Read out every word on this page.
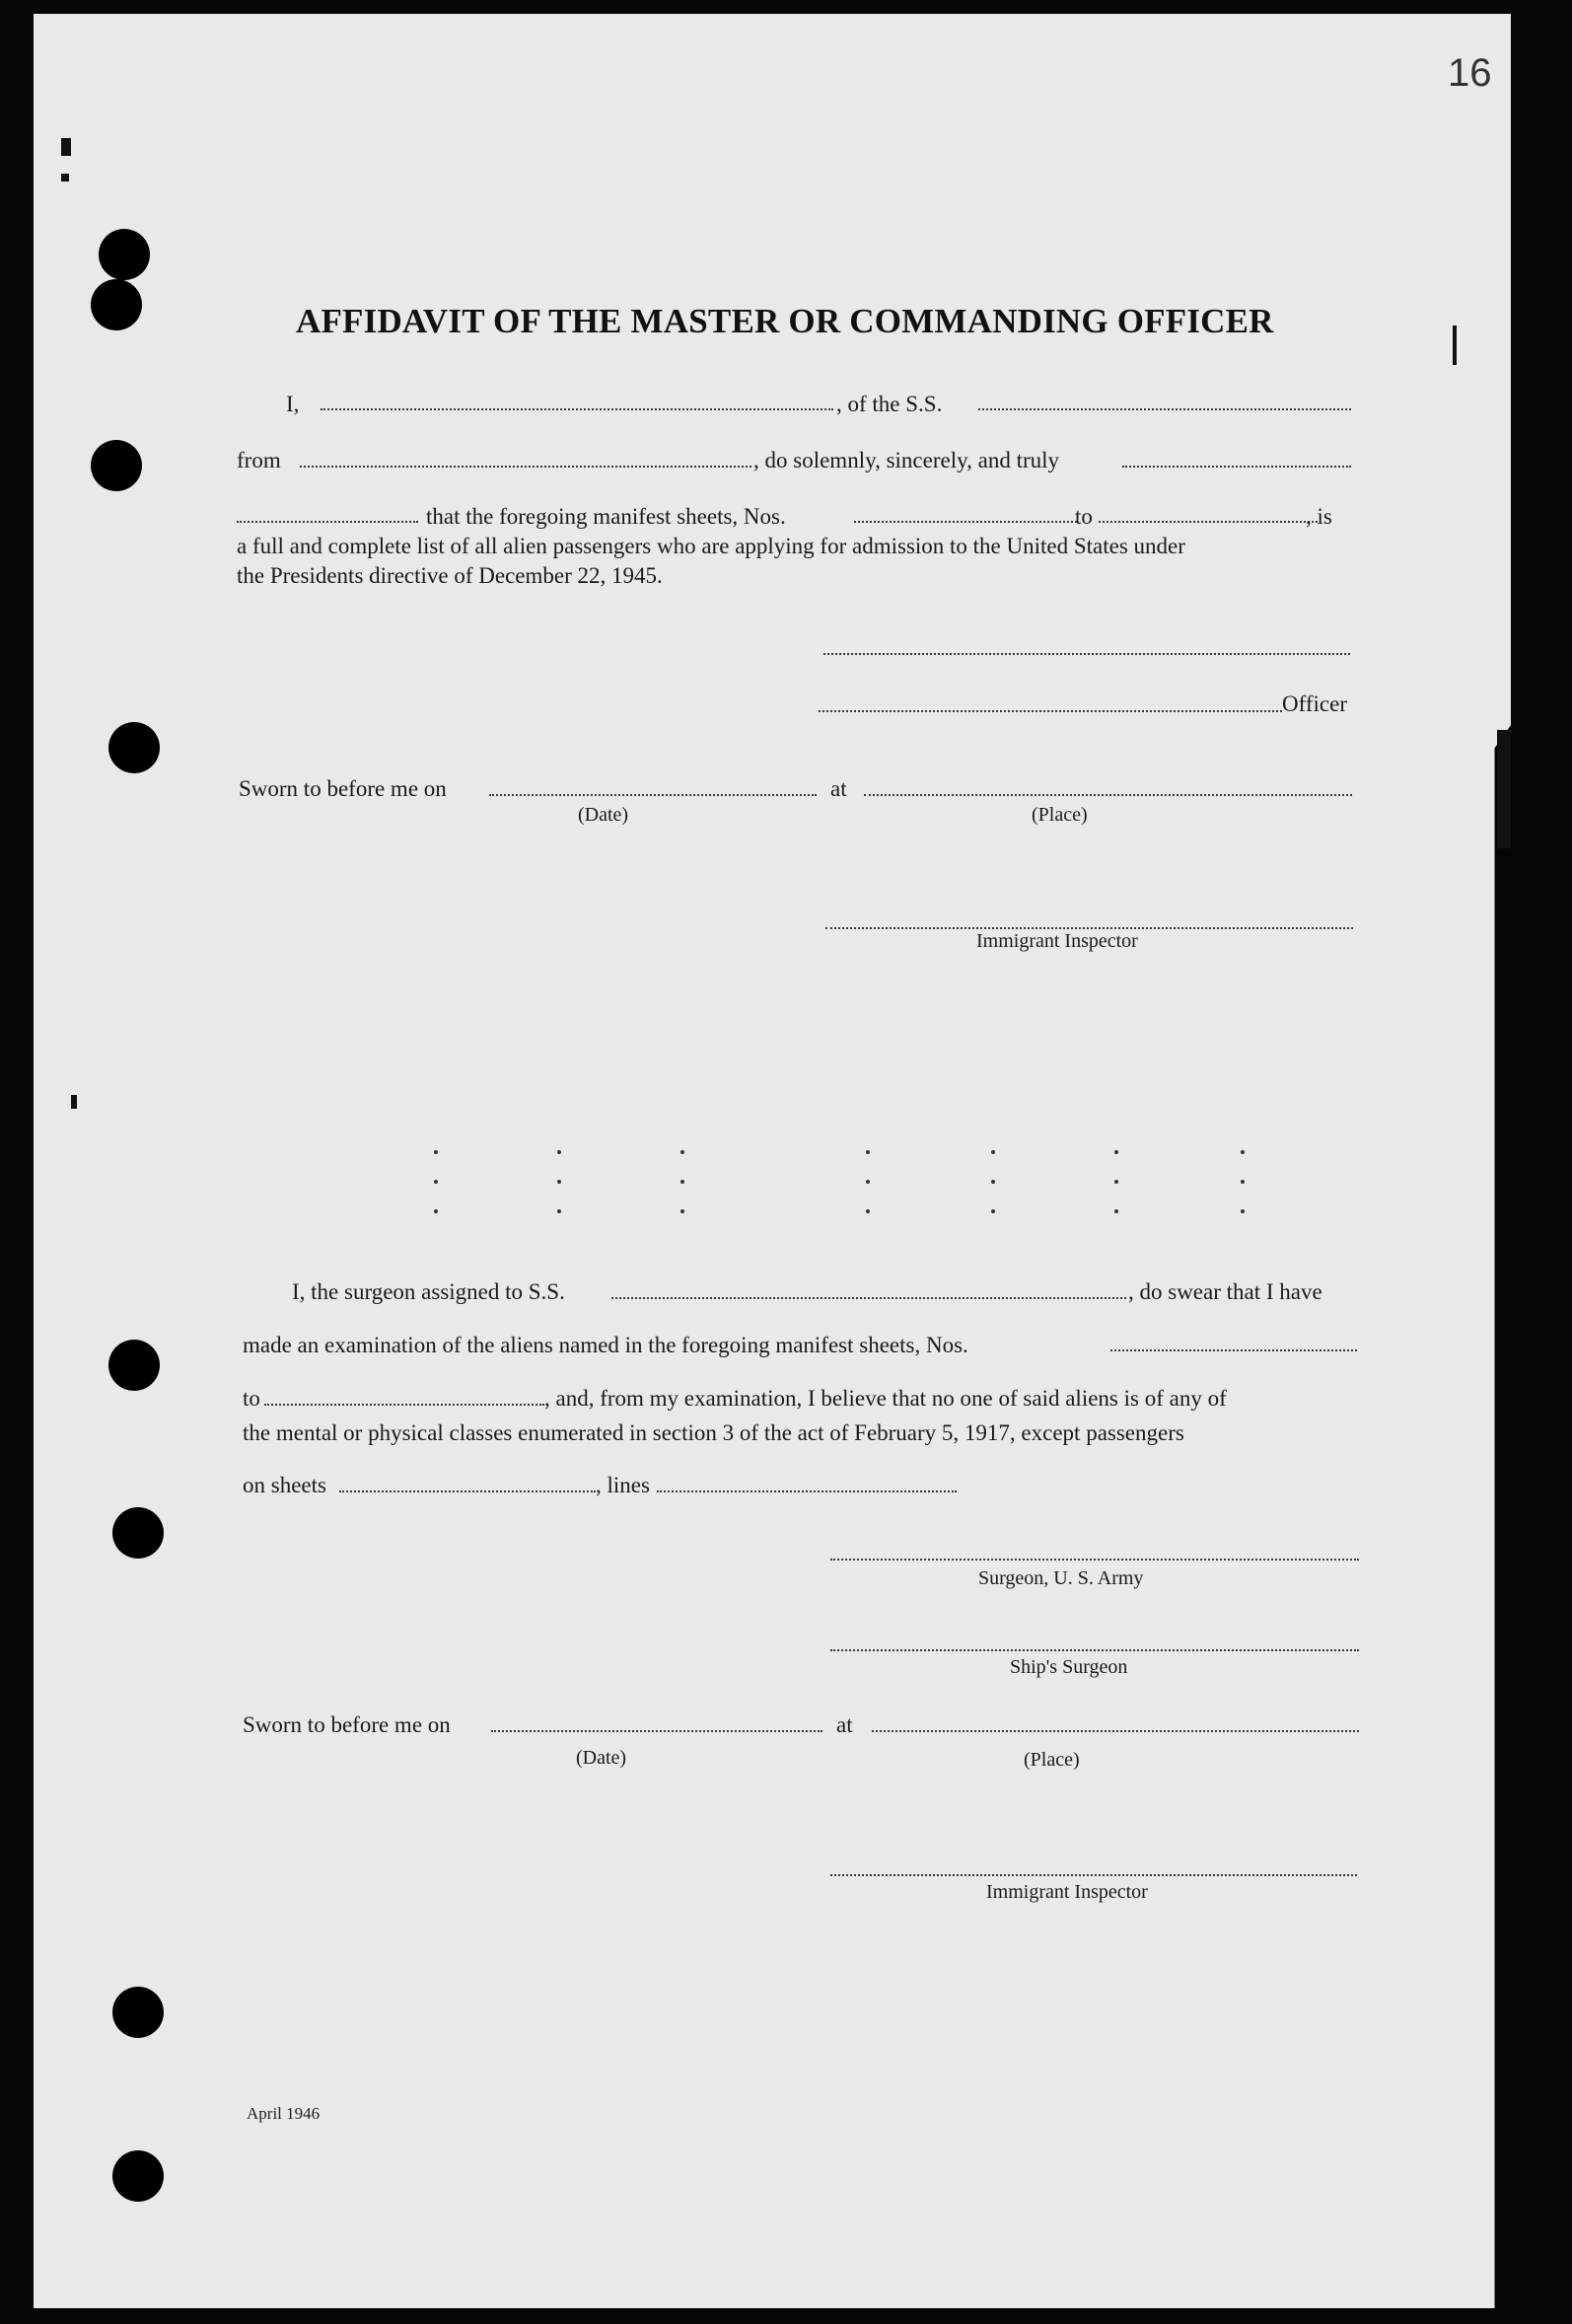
16
AFFIDAVIT OF THE MASTER OR COMMANDING OFFICER
I,	, of the S.S.
from	, do solemnly, sincerely, and truly
that the foregoing manifest sheets, Nos.	to	, is
a full and complete list of all alien passengers who are applying for admission to the United States under
the Presidents directive of December 22, 1945.
Officer
Sworn to before me on	at
(Date)	(Place)
Immigrant Inspector
I, the surgeon assigned to S.S.	, do swear that I have
made an examination of the aliens named in the foregoing manifest sheets, Nos.
to	, and, from my examination, I believe that no one of said aliens is of any of
the mental or physical classes enumerated in section 3 of the act of February 5, 1917, except passengers
on sheets	, lines
Surgeon, U. S. Army
Ship's Surgeon
Sworn to before me on	at
(Date)	(Place)
Immigrant Inspector
April 1946
